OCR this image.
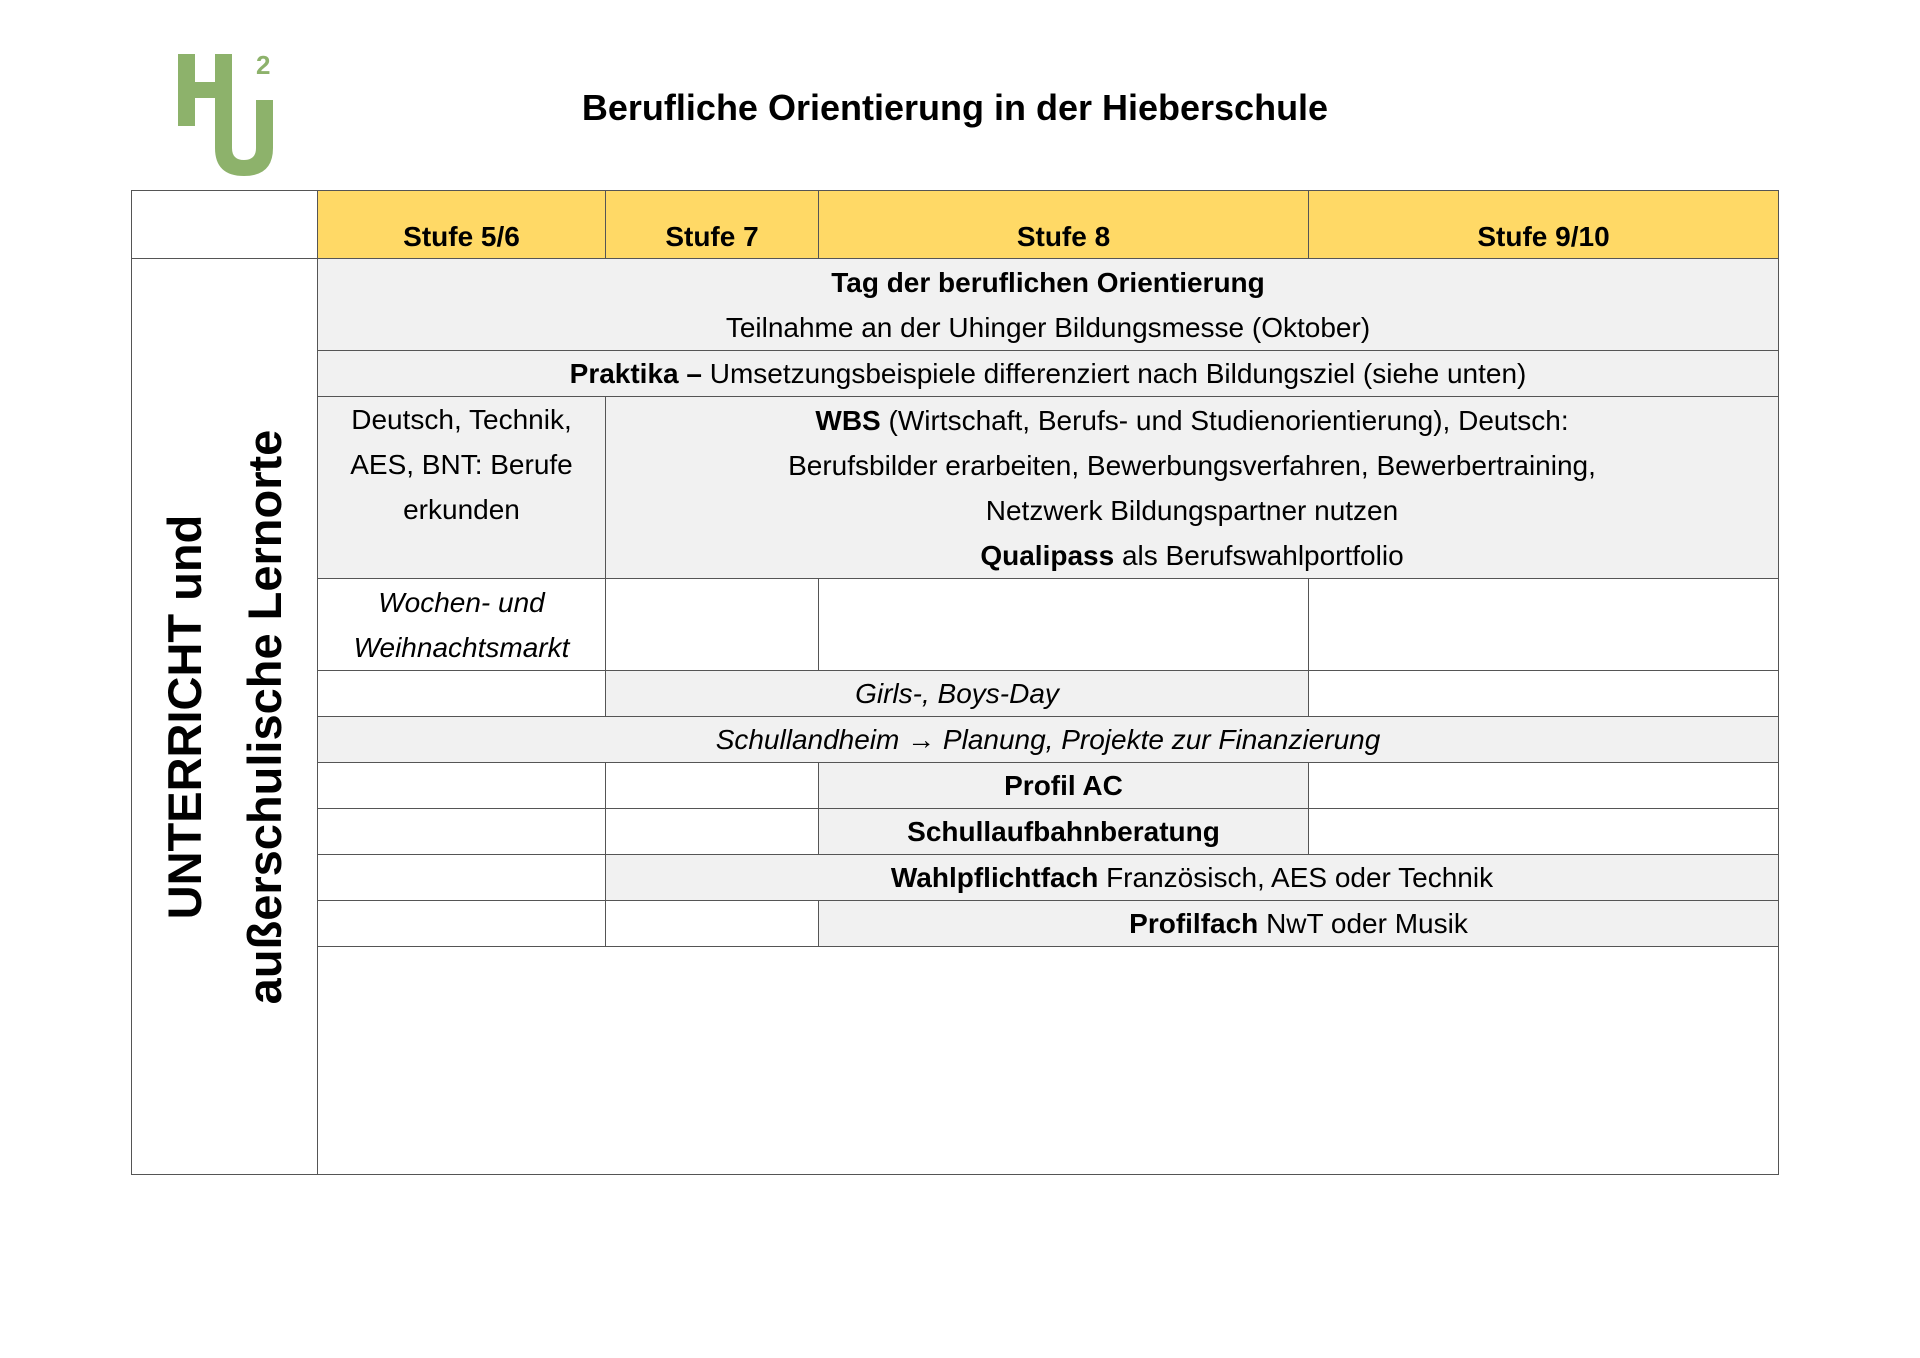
2
Berufliche Orientierung in der Hieberschule
	Stufe 5/6	Stufe 7	Stufe 8	Stufe 9/10

UNTERRICHT und außerschulische Lernorte	Tag der beruflichen Orientierung
Teilnahme an der Uhinger Bildungsmesse (Oktober)			

	Praktika – Umsetzungsbeispiele differenziert nach Bildungsziel (siehe unten)			

	Deutsch, Technik,
AES, BNT: Berufe
erkunden	WBS (Wirtschaft, Berufs- und Studienorientierung), Deutsch:
Berufsbilder erarbeiten, Bewerbungsverfahren, Bewerbertraining,
Netzwerk Bildungspartner nutzen
Qualipass als Berufswahlportfolio		

	Wochen- und
Weihnachtsmarkt			

		Girls-, Boys-Day		
	Schullandheim → Planung, Projekte zur Finanzierung			
			Profil AC	
			Schullaufbahnberatung	
		Wahlpflichtfach Französisch, AES oder Technik		
			Profilfach NwT oder Musik	
